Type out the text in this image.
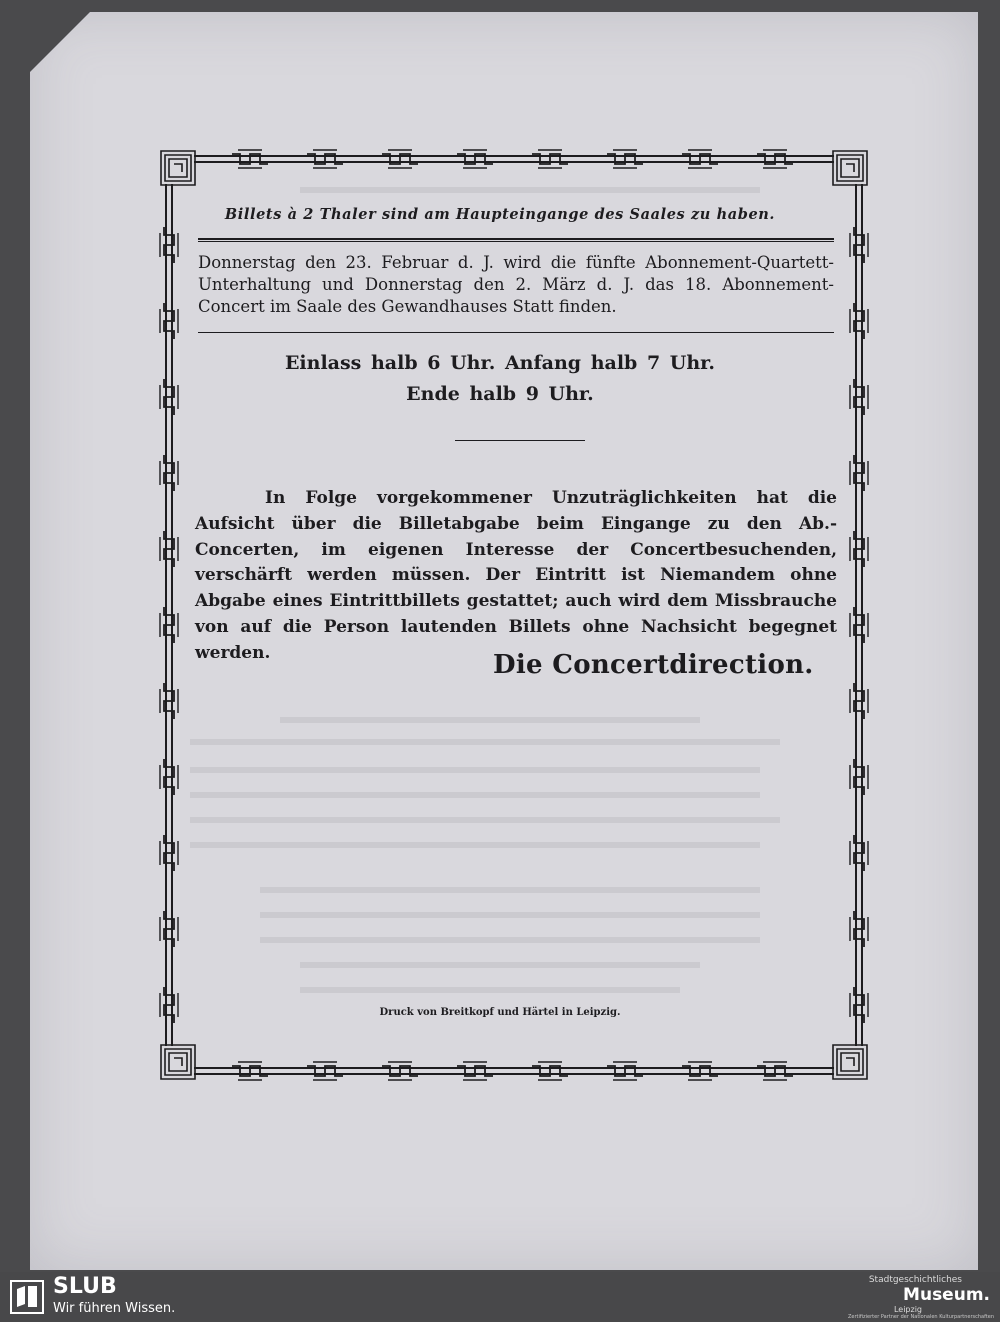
Billets à 2 Thaler sind am Haupteingange des Saales zu haben.
Donnerstag den 23. Februar d. J. wird die fünfte Abonnement-Quartett-Unterhaltung und Donnerstag den 2. März d. J. das 18. Abonnement-Concert im Saale des Gewandhauses Statt finden.
Einlass halb 6 Uhr. Anfang halb 7 Uhr.
Ende halb 9 Uhr.
In Folge vorgekommener Unzuträglichkeiten hat die Aufsicht über die Billetabgabe beim Eingange zu den Ab.-Concerten, im eigenen Interesse der Concertbesuchenden, verschärft werden müssen. Der Eintritt ist Niemandem ohne Abgabe eines Eintrittbillets gestattet; auch wird dem Missbrauche von auf die Person lautenden Billets ohne Nachsicht begegnet werden.	Die Concertdirection.
Druck von Breitkopf und Härtel in Leipzig.
SLUB
Wir führen Wissen.
Stadtgeschichtliches
Museum.
Leipzig
Zertifizierter Partner der Nationalen Kulturpartnerschaften
